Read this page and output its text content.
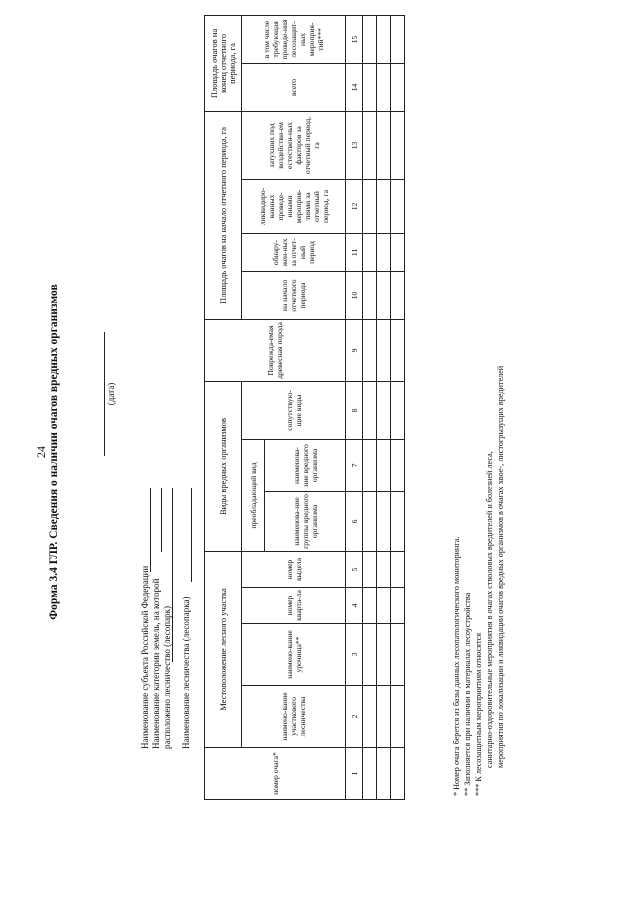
24 Форма 3.4 ГЛР. Сведения о наличии очагов вредных организмов	(дата)
Наименование субъекта Российской Федерации Наименование категории земель, на которой расположено лесничество (лесопарк) Наименование лесничества (лесопарка)
номер очага*	Местоположение лесного участка				Виды вредных организмов			Поврежда-емая древесная порода	Площадь очагов на начало отчетного периода, га				Площадь очагов на конец отчетного периода, га	
	наимено-вание участкового лесничества	наимено-вание урочища**	номер кварта-ла	номер выдела	преобладающий вид		сопутствую-щие виды		на начало отчетного периода	обнару-жен-ных за отчет-ный период	ликвидиро-ванных проведе-нными мероприя-тиями за отчетный период, га	затухших под воздействи-ем естествен-ных факторов за отчетный период, га	всего	в том числе требующая проведе-ния лесозащит-ных мероприя-тий***
					наименова-ние группы вредного организма	наименова-ние вредного организма								
1	2	3	4	5	6	7	8	9	10	11	12	13	14	15

* Номер очага берется из базы данных лесопатологического мониторинга. ** Заполняется при наличии в материалах лесоустройства *** К лесозащитным мероприятиям относятся санитарно-оздоровительные мероприятия в очагах стволовых вредителей и болезней леса, мероприятия по локализации и ликвидации очагов вредных организмов в очагах хвое-, листогрызущих вредителей
